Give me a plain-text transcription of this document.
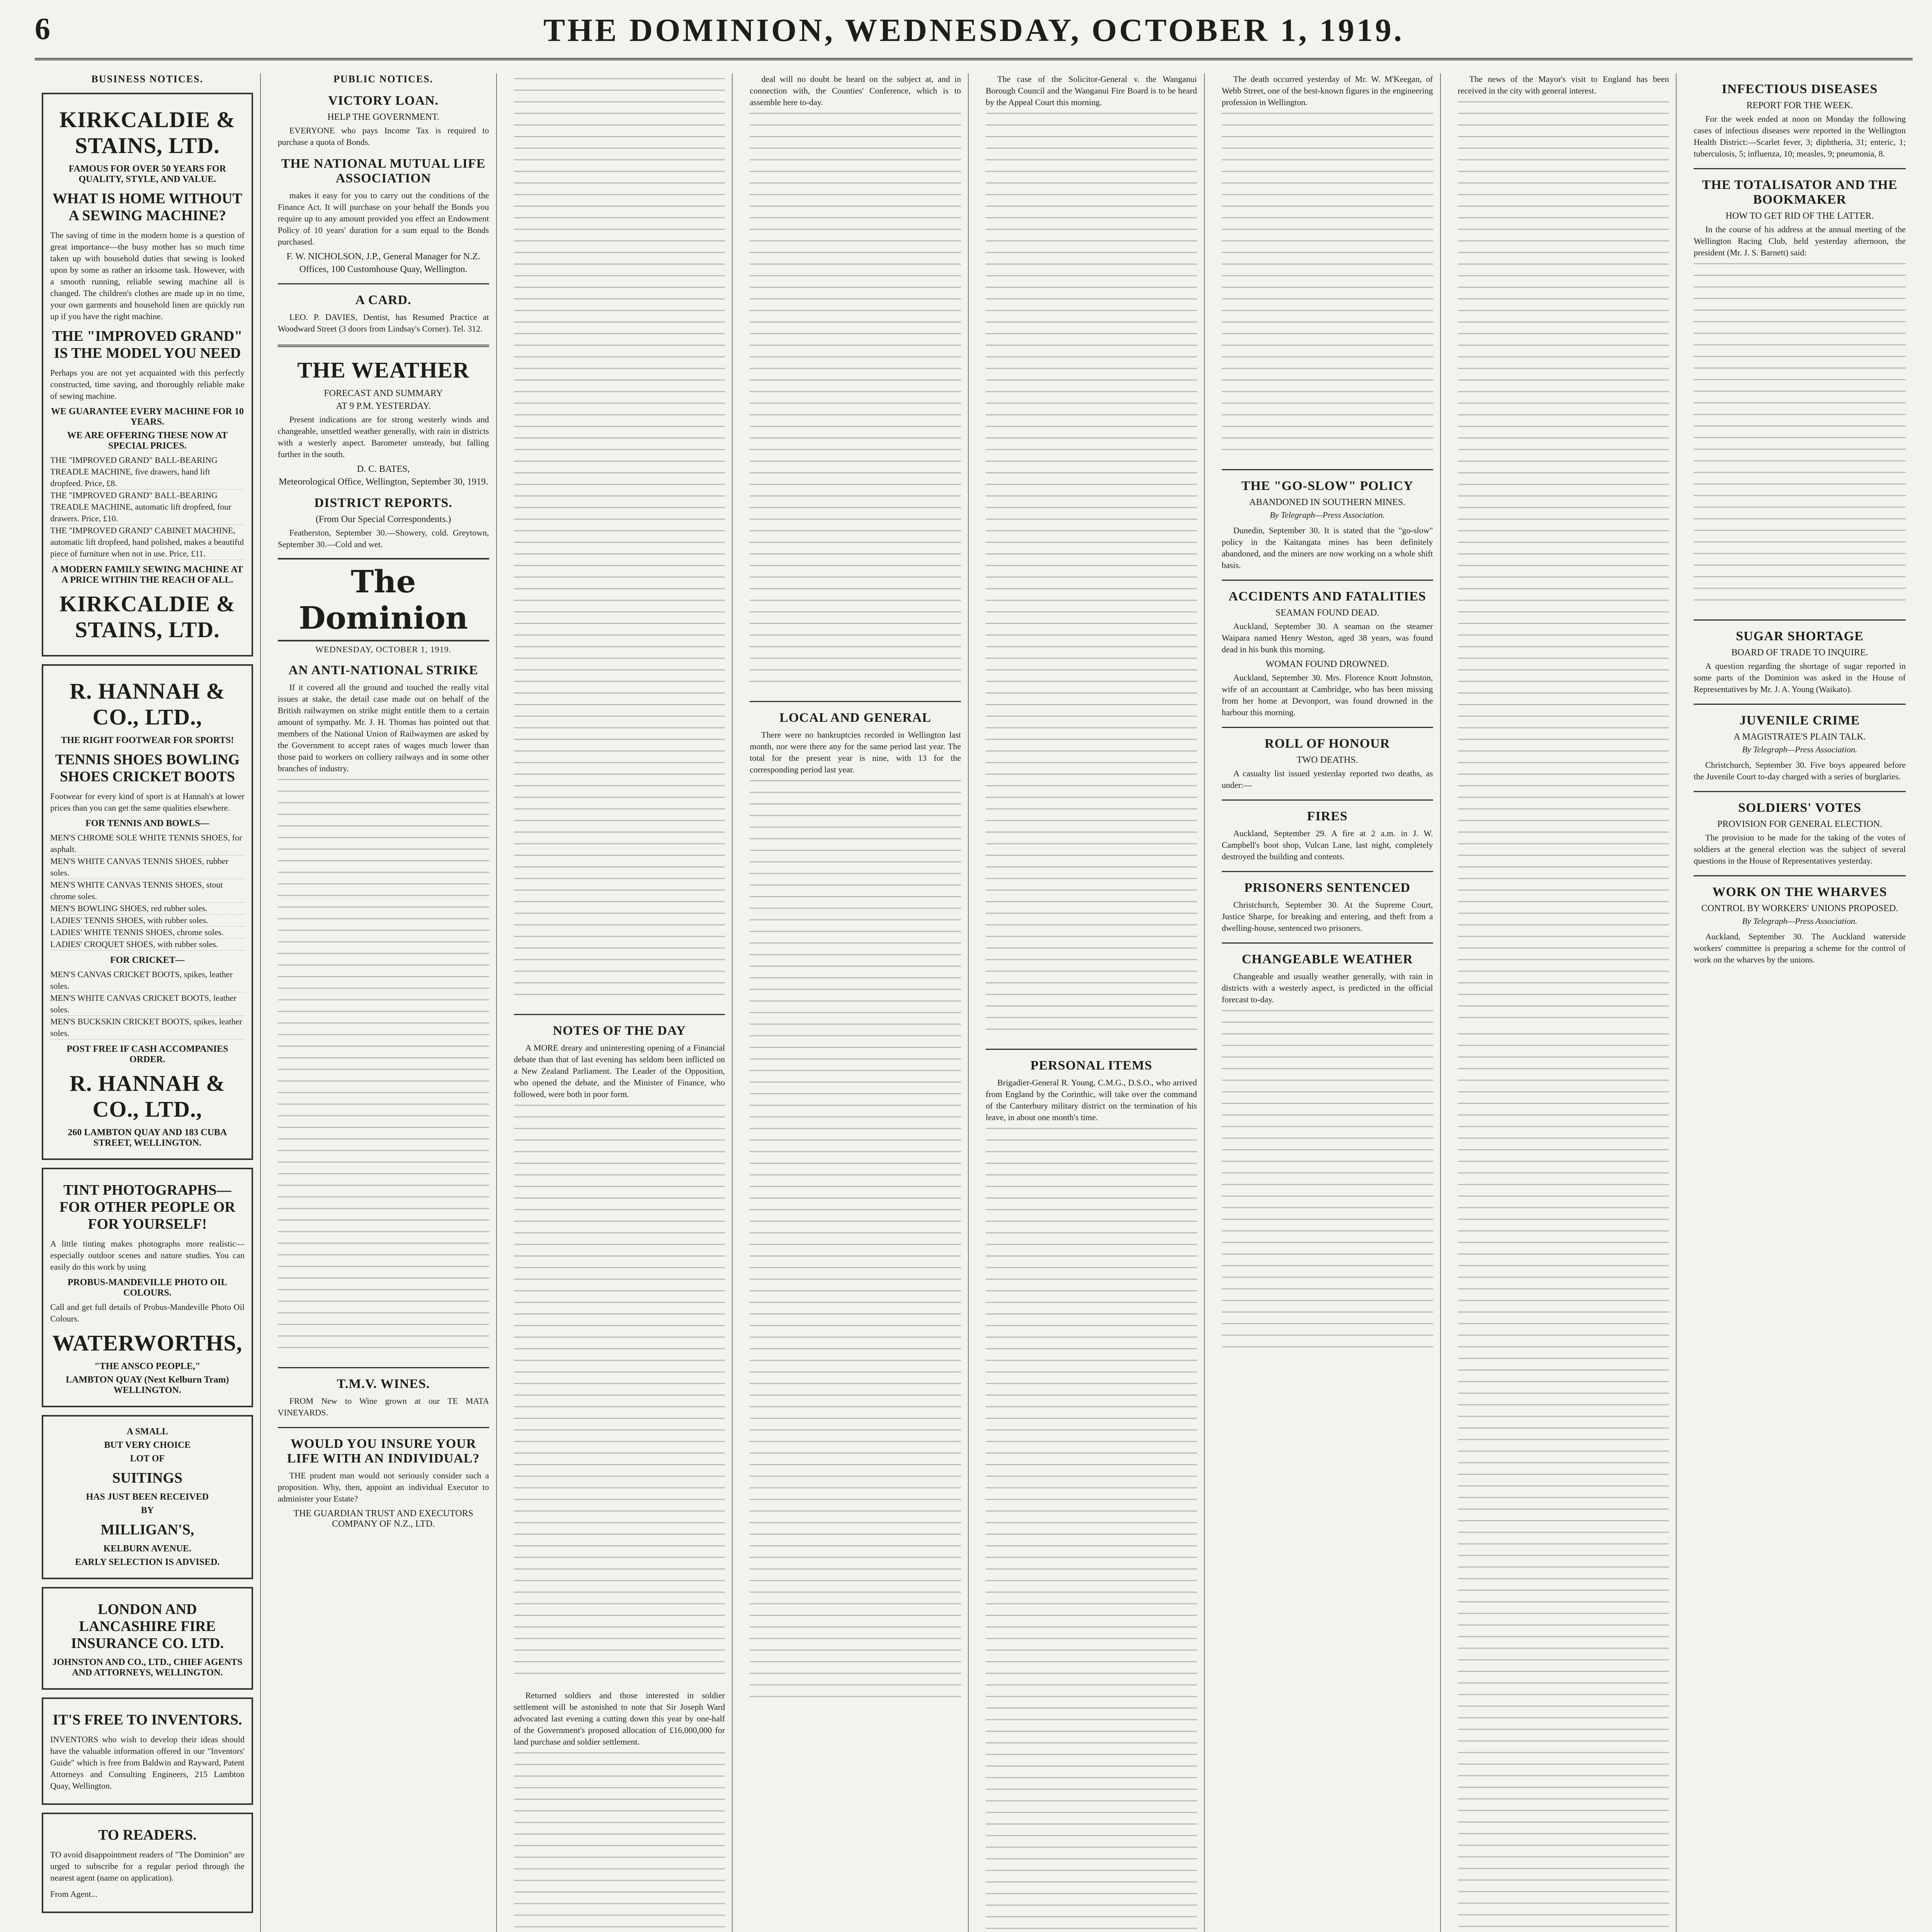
6	THE DOMINION, WEDNESDAY, OCTOBER 1, 1919.
BUSINESS NOTICES.
KIRKCALDIE & STAINS, LTD.
FAMOUS FOR OVER 50 YEARS FOR QUALITY, STYLE, AND VALUE.
WHAT IS HOME WITHOUT A SEWING MACHINE?

The saving of time in the modern home is a question of great importance—the busy mother has so much time taken up with household duties that sewing is looked upon by some as rather an irksome task. However, with a smooth running, reliable sewing machine all is changed. The children's clothes are made up in no time, your own garments and household linen are quickly run up if you have the right machine.

THE "IMPROVED GRAND" IS THE MODEL YOU NEED

Perhaps you are not yet acquainted with this perfectly constructed, time saving, and thoroughly reliable make of sewing machine.

WE GUARANTEE EVERY MACHINE FOR 10 YEARS.
WE ARE OFFERING THESE NOW AT SPECIAL PRICES.
THE "IMPROVED GRAND" BALL-BEARING TREADLE MACHINE, five drawers, hand lift dropfeed. Price, £8.
THE "IMPROVED GRAND" BALL-BEARING TREADLE MACHINE, automatic lift dropfeed, four drawers. Price, £10.
THE "IMPROVED GRAND" CABINET MACHINE, automatic lift dropfeed, hand polished, makes a beautiful piece of furniture when not in use. Price, £11.
A MODERN FAMILY SEWING MACHINE AT A PRICE WITHIN THE REACH OF ALL.
KIRKCALDIE & STAINS, LTD.
R. HANNAH & CO., LTD.,
THE RIGHT FOOTWEAR FOR SPORTS!
TENNIS SHOES BOWLING SHOES CRICKET BOOTS

Footwear for every kind of sport is at Hannah's at lower prices than you can get the same qualities elsewhere.

FOR TENNIS AND BOWLS—
MEN'S CHROME SOLE WHITE TENNIS SHOES, for asphalt.
MEN'S WHITE CANVAS TENNIS SHOES, rubber soles.
MEN'S WHITE CANVAS TENNIS SHOES, stout chrome soles.
MEN'S BOWLING SHOES, red rubber soles.
LADIES' TENNIS SHOES, with rubber soles.
LADIES' WHITE TENNIS SHOES, chrome soles.
LADIES' CROQUET SHOES, with rubber soles.
FOR CRICKET—
MEN'S CANVAS CRICKET BOOTS, spikes, leather soles.
MEN'S WHITE CANVAS CRICKET BOOTS, leather soles.
MEN'S BUCKSKIN CRICKET BOOTS, spikes, leather soles.
POST FREE IF CASH ACCOMPANIES ORDER.
R. HANNAH & CO., LTD.,
260 LAMBTON QUAY AND 183 CUBA STREET, WELLINGTON.
TINT PHOTOGRAPHS—FOR OTHER PEOPLE OR FOR YOURSELF!

A little tinting makes photographs more realistic—especially outdoor scenes and nature studies. You can easily do this work by using

PROBUS-MANDEVILLE PHOTO OIL COLOURS.

Call and get full details of Probus-Mandeville Photo Oil Colours.

WATERWORTHS,
"THE ANSCO PEOPLE,"
LAMBTON QUAY (Next Kelburn Tram) WELLINGTON.
A SMALL
BUT VERY CHOICE
LOT OF
SUITINGS
HAS JUST BEEN RECEIVED
BY
MILLIGAN'S,
KELBURN AVENUE.
EARLY SELECTION IS ADVISED.
LONDON AND LANCASHIRE FIRE INSURANCE CO. LTD.
JOHNSTON AND CO., LTD., CHIEF AGENTS AND ATTORNEYS, WELLINGTON.
IT'S FREE TO INVENTORS.

INVENTORS who wish to develop their ideas should have the valuable information offered in our "Inventors' Guide" which is free from Baldwin and Rayward, Patent Attorneys and Consulting Engineers, 215 Lambton Quay, Wellington.

TO READERS.

TO avoid disappointment readers of "The Dominion" are urged to subscribe for a regular period through the nearest agent (name on application).

From Agent...

PUBLIC NOTICES.
VICTORY LOAN.
HELP THE GOVERNMENT.

EVERYONE who pays Income Tax is required to purchase a quota of Bonds.

THE NATIONAL MUTUAL LIFE ASSOCIATION

makes it easy for you to carry out the conditions of the Finance Act. It will purchase on your behalf the Bonds you require up to any amount provided you effect an Endowment Policy of 10 years' duration for a sum equal to the Bonds purchased.

F. W. NICHOLSON, J.P., General Manager for N.Z.
Offices, 100 Customhouse Quay, Wellington.
A CARD.

LEO. P. DAVIES, Dentist, has Resumed Practice at Woodward Street (3 doors from Lindsay's Corner). Tel. 312.

THE WEATHER
FORECAST AND SUMMARY
AT 9 P.M. YESTERDAY.

Present indications are for strong westerly winds and changeable, unsettled weather generally, with rain in districts with a westerly aspect. Barometer unsteady, but falling further in the south.

D. C. BATES,
Meteorological Office, Wellington, September 30, 1919.
DISTRICT REPORTS.
(From Our Special Correspondents.)

Featherston, September 30.—Showery, cold. Greytown, September 30.—Cold and wet.

The Dominion
WEDNESDAY, OCTOBER 1, 1919.
AN ANTI-NATIONAL STRIKE

If it covered all the ground and touched the really vital issues at stake, the detail case made out on behalf of the British railwaymen on strike might entitle them to a certain amount of sympathy. Mr. J. H. Thomas has pointed out that members of the National Union of Railwaymen are asked by the Government to accept rates of wages much lower than those paid to workers on colliery railways and in some other branches of industry.

T.M.V. WINES.

FROM New to Wine grown at our TE MATA VINEYARDS.

WOULD YOU INSURE YOUR LIFE WITH AN INDIVIDUAL?

THE prudent man would not seriously consider such a proposition. Why, then, appoint an individual Executor to administer your Estate?

THE GUARDIAN TRUST AND EXECUTORS COMPANY OF N.Z., LTD.
NOTES OF THE DAY

A MORE dreary and uninteresting opening of a Financial debate than that of last evening has seldom been inflicted on a New Zealand Parliament. The Leader of the Opposition, who opened the debate, and the Minister of Finance, who followed, were both in poor form.

Returned soldiers and those interested in soldier settlement will be astonished to note that Sir Joseph Ward advocated last evening a cutting down this year by one-half of the Government's proposed allocation of £16,000,000 for land purchase and soldier settlement.

deal will no doubt be heard on the subject at, and in connection with, the Counties' Conference, which is to assemble here to-day.

LOCAL AND GENERAL

There were no bankruptcies recorded in Wellington last month, nor were there any for the same period last year. The total for the present year is nine, with 13 for the corresponding period last year.

The case of the Solicitor-General v. the Wanganui Borough Council and the Wanganui Fire Board is to be heard by the Appeal Court this morning.

PERSONAL ITEMS

Brigadier-General R. Young, C.M.G., D.S.O., who arrived from England by the Corinthic, will take over the command of the Canterbury military district on the termination of his leave, in about one month's time.

The death occurred yesterday of Mr. W. M'Keegan, of Webb Street, one of the best-known figures in the engineering profession in Wellington.

THE "GO-SLOW" POLICY
ABANDONED IN SOUTHERN MINES.
By Telegraph—Press Association.

Dunedin, September 30. It is stated that the "go-slow" policy in the Kaitangata mines has been definitely abandoned, and the miners are now working on a whole shift basis.

ACCIDENTS AND FATALITIES
SEAMAN FOUND DEAD.

Auckland, September 30. A seaman on the steamer Waipara named Henry Weston, aged 38 years, was found dead in his bunk this morning.

WOMAN FOUND DROWNED.

Auckland, September 30. Mrs. Florence Knott Johnston, wife of an accountant at Cambridge, who has been missing from her home at Devonport, was found drowned in the harbour this morning.

ROLL OF HONOUR
TWO DEATHS.

A casualty list issued yesterday reported two deaths, as under:—

FIRES

Auckland, September 29. A fire at 2 a.m. in J. W. Campbell's boot shop, Vulcan Lane, last night, completely destroyed the building and contents.

PRISONERS SENTENCED

Christchurch, September 30. At the Supreme Court, Justice Sharpe, for breaking and entering, and theft from a dwelling-house, sentenced two prisoners.

CHANGEABLE WEATHER

Changeable and usually weather generally, with rain in districts with a westerly aspect, is predicted in the official forecast to-day.

The news of the Mayor's visit to England has been received in the city with general interest.	INFECTIOUS DISEASES
REPORT FOR THE WEEK.

For the week ended at noon on Monday the following cases of infectious diseases were reported in the Wellington Health District:—Scarlet fever, 3; diphtheria, 31; enteric, 1; tuberculosis, 5; influenza, 10; measles, 9; pneumonia, 8.

THE TOTALISATOR AND THE BOOKMAKER
HOW TO GET RID OF THE LATTER.

In the course of his address at the annual meeting of the Wellington Racing Club, held yesterday afternoon, the president (Mr. J. S. Barnett) said:

SUGAR SHORTAGE
BOARD OF TRADE TO INQUIRE.

A question regarding the shortage of sugar reported in some parts of the Dominion was asked in the House of Representatives by Mr. J. A. Young (Waikato).

JUVENILE CRIME
A MAGISTRATE'S PLAIN TALK.
By Telegraph—Press Association.

Christchurch, September 30. Five boys appeared before the Juvenile Court to-day charged with a series of burglaries.

SOLDIERS' VOTES
PROVISION FOR GENERAL ELECTION.

The provision to be made for the taking of the votes of soldiers at the general election was the subject of several questions in the House of Representatives yesterday.

WORK ON THE WHARVES
CONTROL BY WORKERS' UNIONS PROPOSED.
By Telegraph—Press Association.

Auckland, September 30. The Auckland waterside workers' committee is preparing a scheme for the control of work on the wharves by the unions.
